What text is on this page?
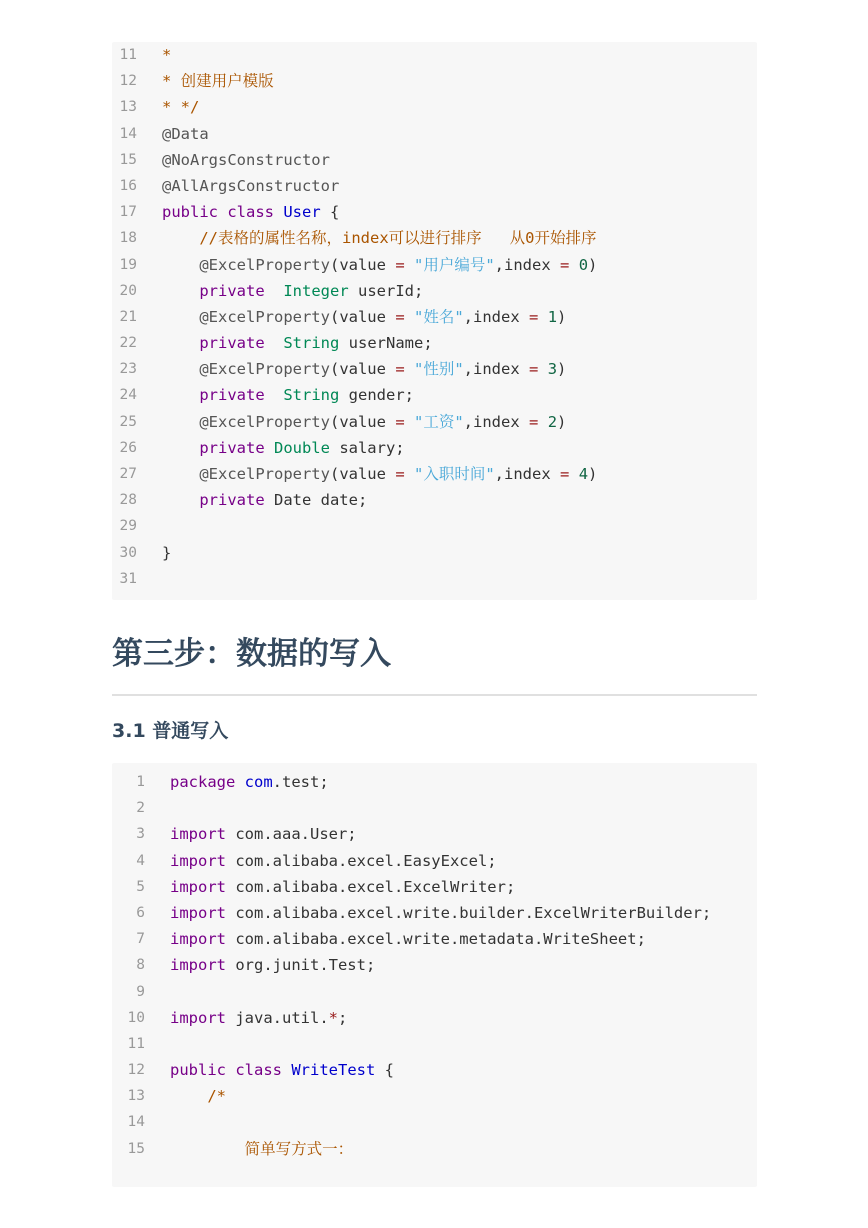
11 *
12 * 创建用户模版
13 * */
14 @Data
15 @NoArgsConstructor
16 @AllArgsConstructor
17 public class User {
18	//表格的属性名称，index可以进行排序   从0开始排序
19	@ExcelProperty(value = "用户编号",index = 0)
20	private Integer userId;
21	@ExcelProperty(value = "姓名",index = 1)
22	private String userName;
23	@ExcelProperty(value = "性别",index = 3)
24	private String gender;
25	@ExcelProperty(value = "工资",index = 2)
26	private Double salary;
27	@ExcelProperty(value = "入职时间",index = 4)
28	private Date date;
29
30 }
31
第三步：数据的写入
3.1 普通写入
1 package com.test;
2
3 import com.aaa.User;
4 import com.alibaba.excel.EasyExcel;
5 import com.alibaba.excel.ExcelWriter;
6 import com.alibaba.excel.write.builder.ExcelWriterBuilder;
7 import com.alibaba.excel.write.metadata.WriteSheet;
8 import org.junit.Test;
9
10 import java.util.*;
11
12 public class WriteTest {
13	/*
14
15	简单写方式一：
